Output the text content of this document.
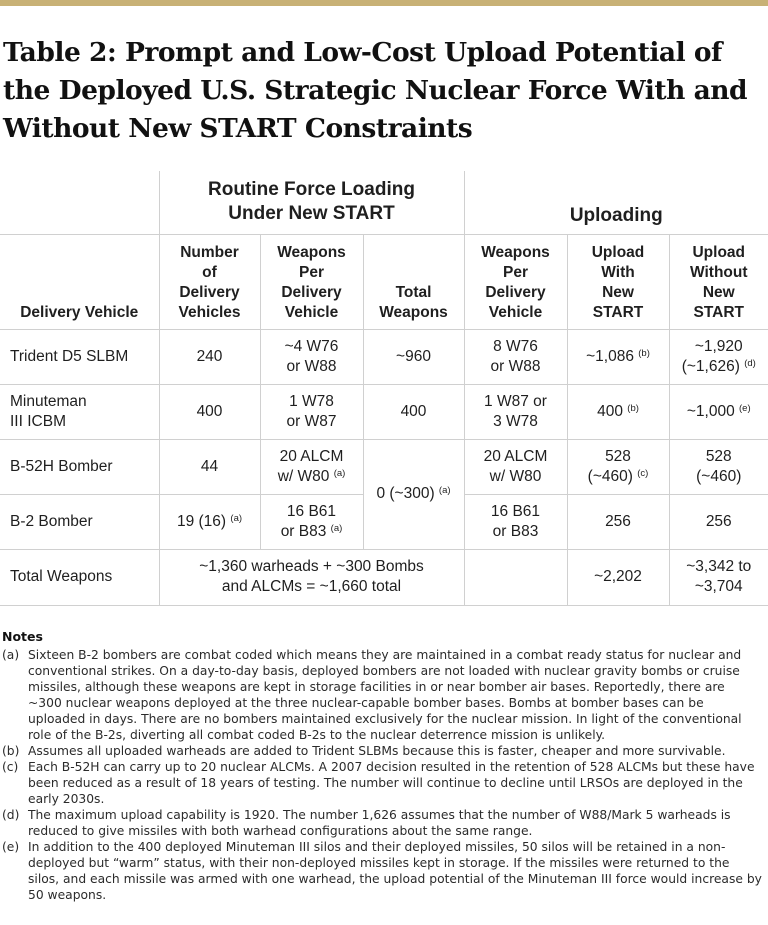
Table 2: Prompt and Low-Cost Upload Potential of the Deployed U.S. Strategic Nuclear Force With and Without New START Constraints
	Routine Force Loading
Under New START			Uploading		
Delivery Vehicle	Number
of
Delivery
Vehicles	Weapons
Per
Delivery
Vehicle	Total
Weapons	Weapons
Per
Delivery
Vehicle	Upload
With
New
START	Upload
Without
New
START
Trident D5 SLBM	240	~4 W76
or W88	~960	8 W76
or W88	~1,086 $^{(b)}$	~1,920
(~1,626) $^{(d)}$
Minuteman
III ICBM	400	1 W78
or W87	400	1 W87 or
3 W78	400 $^{(b)}$	~1,000 $^{(e)}$
B-52H Bomber	44	20 ALCM
w/ W80 $^{(a)}$	0 (~300) $^{(a)}$	20 ALCM
w/ W80	528
(~460) $^{(c)}$	528
(~460)
B-2 Bomber	19 (16) $^{(a)}$	16 B61
or B83 $^{(a)}$		16 B61
or B83	256	256
Total Weapons	~1,360 warheads + ~300 Bombs
and ALCMs = ~1,660 total				~2,202	~3,342 to
~3,704
Notes
(a) Sixteen B-2 bombers are combat coded which means they are maintained in a combat ready status for nuclear and conventional strikes. On a day-to-day basis, deployed bombers are not loaded with nuclear gravity bombs or cruise missiles, although these weapons are kept in storage facilities in or near bomber air bases. Reportedly, there are ~300 nuclear weapons deployed at the three nuclear-capable bomber bases. Bombs at bomber bases can be uploaded in days. There are no bombers maintained exclusively for the nuclear mission. In light of the conventional role of the B-2s, diverting all combat coded B-2s to the nuclear deterrence mission is unlikely.
(b) Assumes all uploaded warheads are added to Trident SLBMs because this is faster, cheaper and more survivable.
(c) Each B-52H can carry up to 20 nuclear ALCMs. A 2007 decision resulted in the retention of 528 ALCMs but these have been reduced as a result of 18 years of testing. The number will continue to decline until LRSOs are deployed in the early 2030s.
(d) The maximum upload capability is 1920. The number 1,626 assumes that the number of W88/Mark 5 warheads is reduced to give missiles with both warhead configurations about the same range.
(e) In addition to the 400 deployed Minuteman III silos and their deployed missiles, 50 silos will be retained in a non-deployed but “warm” status, with their non-deployed missiles kept in storage. If the missiles were returned to the silos, and each missile was armed with one warhead, the upload potential of the Minuteman III force would increase by 50 weapons.
